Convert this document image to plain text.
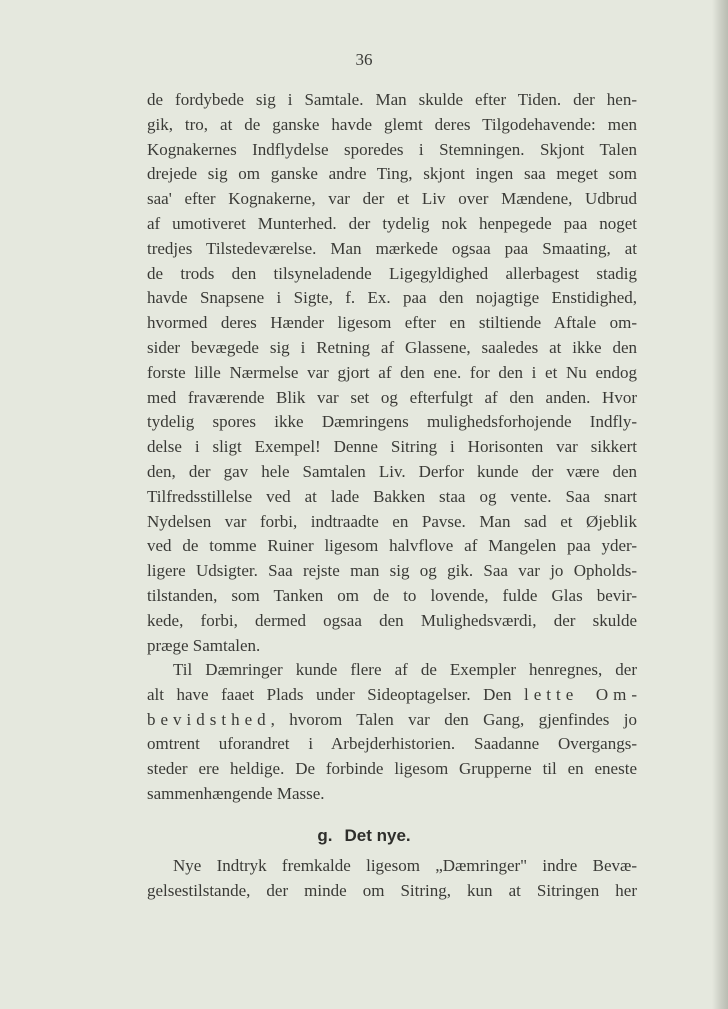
36
de fordybede sig i Samtale. Man skulde efter Tiden. der hen-
gik, tro, at de ganske havde glemt deres Tilgodehavende: men
Kognakernes Indflydelse sporedes i Stemningen. Skjont Talen
drejede sig om ganske andre Ting, skjont ingen saa meget som
saa' efter Kognakerne, var der et Liv over Mændene, Udbrud
af umotiveret Munterhed. der tydelig nok henpegede paa noget
tredjes Tilstedeværelse. Man mærkede ogsaa paa Smaating, at
de trods den tilsyneladende Ligegyldighed allerbagest stadig
havde Snapsene i Sigte, f. Ex. paa den nojagtige Enstidighed,
hvormed deres Hænder ligesom efter en stiltiende Aftale om-
sider bevægede sig i Retning af Glassene, saaledes at ikke den
forste lille Nærmelse var gjort af den ene. for den i et Nu endog
med fraværende Blik var set og efterfulgt af den anden. Hvor
tydelig spores ikke Dæmringens mulighedsforhojende Indfly-
delse i sligt Exempel! Denne Sitring i Horisonten var sikkert
den, der gav hele Samtalen Liv. Derfor kunde der være den
Tilfredsstillelse ved at lade Bakken staa og vente. Saa snart
Nydelsen var forbi, indtraadte en Pavse. Man sad et Øjeblik
ved de tomme Ruiner ligesom halvflove af Mangelen paa yder-
ligere Udsigter. Saa rejste man sig og gik. Saa var jo Opholds-
tilstanden, som Tanken om de to lovende, fulde Glas bevir-
kede, forbi, dermed ogsaa den Mulighedsværdi, der skulde
præge Samtalen.
Til Dæmringer kunde flere af de Exempler henregnes, der
alt have faaet Plads under Sideoptagelser. Den lette Om-
bevidsthed, hvorom Talen var den Gang, gjenfindes jo
omtrent uforandret i Arbejderhistorien. Saadanne Overgangs-
steder ere heldige. De forbinde ligesom Grupperne til en eneste
sammenhængende Masse.
g. Det nye.
Nye Indtryk fremkalde ligesom „Dæmringer" indre Bevæ-
gelsestilstande, der minde om Sitring, kun at Sitringen her
